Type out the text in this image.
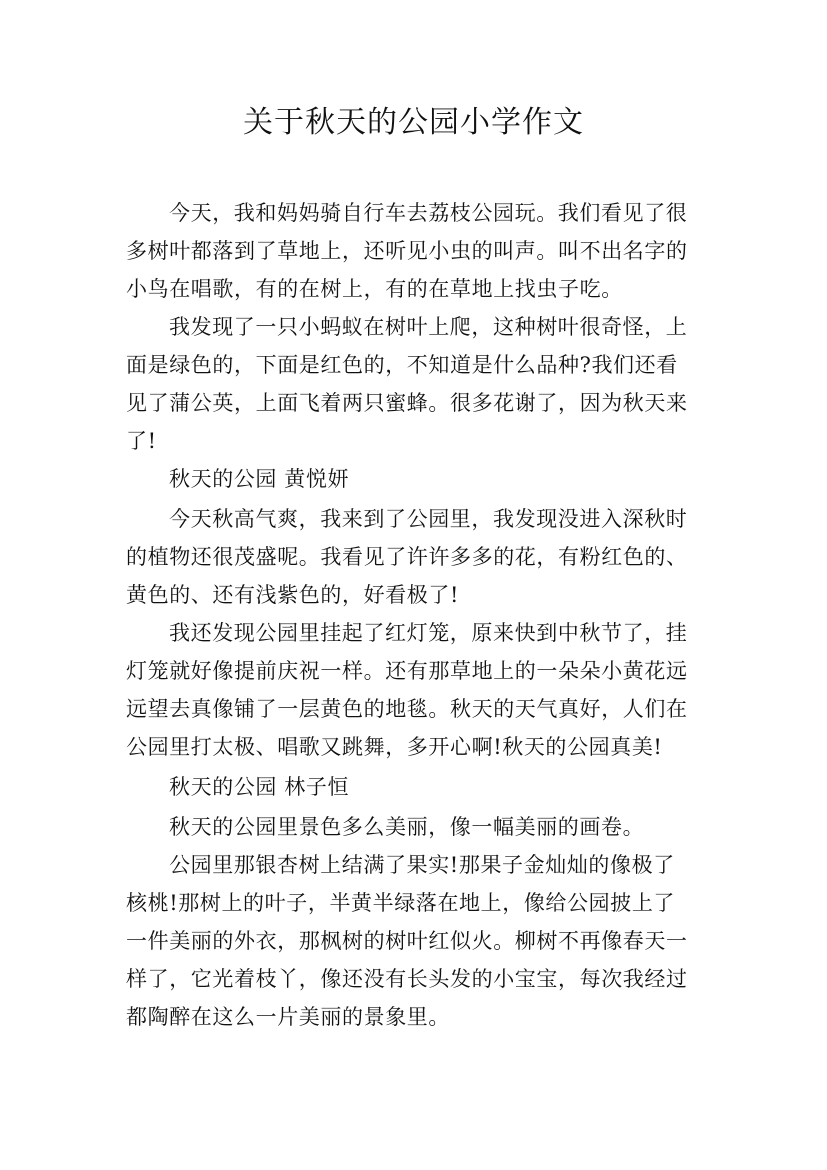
关于秋天的公园小学作文
今天，我和妈妈骑自行车去荔枝公园玩。我们看见了很
多树叶都落到了草地上，还听见小虫的叫声。叫不出名字的
小鸟在唱歌，有的在树上，有的在草地上找虫子吃。
我发现了一只小蚂蚁在树叶上爬，这种树叶很奇怪，上
面是绿色的，下面是红色的，不知道是什么品种?我们还看
见了蒲公英，上面飞着两只蜜蜂。很多花谢了，因为秋天来
了!
秋天的公园 黄悦妍
今天秋高气爽，我来到了公园里，我发现没进入深秋时
的植物还很茂盛呢。我看见了许许多多的花，有粉红色的、
黄色的、还有浅紫色的，好看极了!
我还发现公园里挂起了红灯笼，原来快到中秋节了，挂
灯笼就好像提前庆祝一样。还有那草地上的一朵朵小黄花远
远望去真像铺了一层黄色的地毯。秋天的天气真好，人们在
公园里打太极、唱歌又跳舞，多开心啊!秋天的公园真美!
秋天的公园 林子恒
秋天的公园里景色多么美丽，像一幅美丽的画卷。
公园里那银杏树上结满了果实!那果子金灿灿的像极了
核桃!那树上的叶子，半黄半绿落在地上，像给公园披上了
一件美丽的外衣，那枫树的树叶红似火。柳树不再像春天一
样了，它光着枝丫，像还没有长头发的小宝宝，每次我经过
都陶醉在这么一片美丽的景象里。
